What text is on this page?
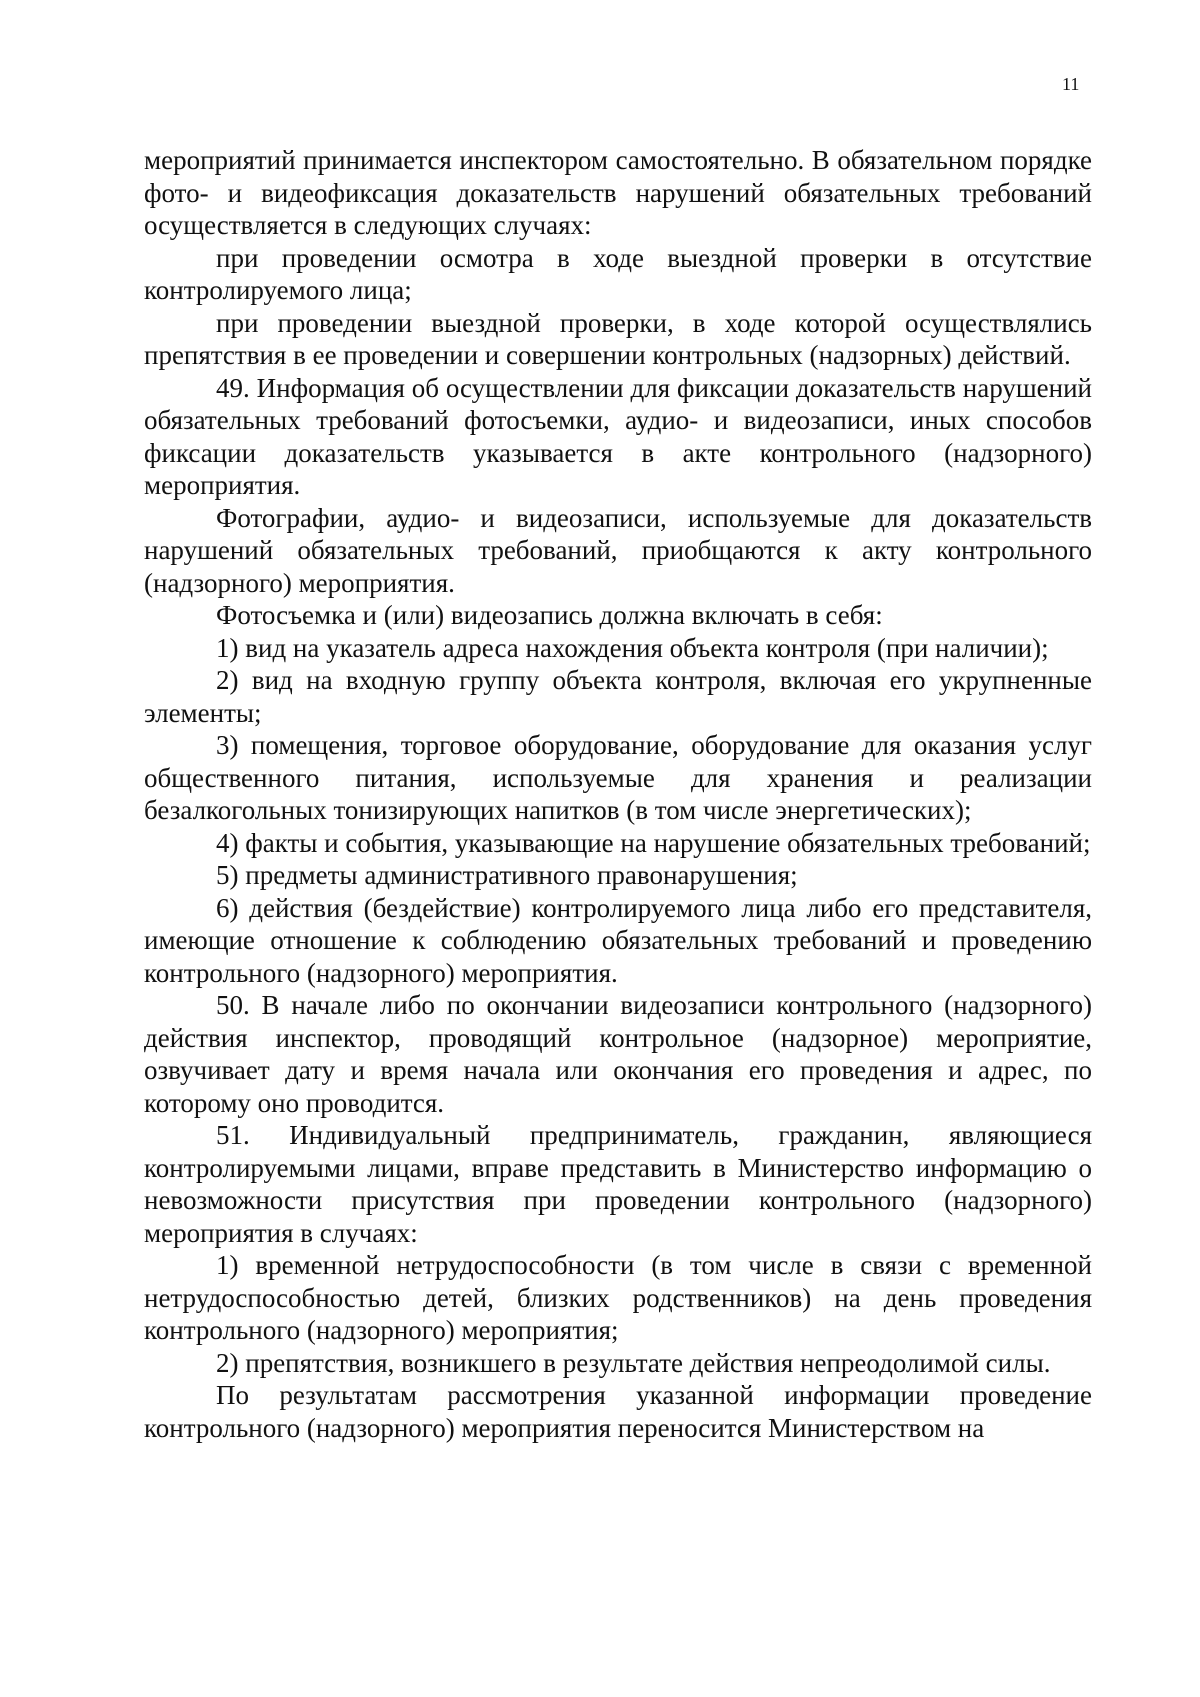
11

мероприятий принимается инспектором самостоятельно. В обязательном порядке фото- и видеофиксация доказательств нарушений обязательных требований осуществляется в следующих случаях:

при проведении осмотра в ходе выездной проверки в отсутствие контролируемого лица;

при проведении выездной проверки, в ходе которой осуществлялись препятствия в ее проведении и совершении контрольных (надзорных) действий.

49. Информация об осуществлении для фиксации доказательств нарушений обязательных требований фотосъемки, аудио- и видеозаписи, иных способов фиксации доказательств указывается в акте контрольного (надзорного) мероприятия.

Фотографии, аудио- и видеозаписи, используемые для доказательств нарушений обязательных требований, приобщаются к акту контрольного (надзорного) мероприятия.

Фотосъемка и (или) видеозапись должна включать в себя:

1) вид на указатель адреса нахождения объекта контроля (при наличии);

2) вид на входную группу объекта контроля, включая его укрупненные элементы;

3) помещения, торговое оборудование, оборудование для оказания услуг общественного питания, используемые для хранения и реализации безалкогольных тонизирующих напитков (в том числе энергетических);

4) факты и события, указывающие на нарушение обязательных требований;

5) предметы административного правонарушения;

6) действия (бездействие) контролируемого лица либо его представителя, имеющие отношение к соблюдению обязательных требований и проведению контрольного (надзорного) мероприятия.

50. В начале либо по окончании видеозаписи контрольного (надзорного) действия инспектор, проводящий контрольное (надзорное) мероприятие, озвучивает дату и время начала или окончания его проведения и адрес, по которому оно проводится.

51. Индивидуальный предприниматель, гражданин, являющиеся контролируемыми лицами, вправе представить в Министерство информацию о невозможности присутствия при проведении контрольного (надзорного) мероприятия в случаях:

1) временной нетрудоспособности (в том числе в связи с временной нетрудоспособностью детей, близких родственников) на день проведения контрольного (надзорного) мероприятия;

2) препятствия, возникшего в результате действия непреодолимой силы.

По результатам рассмотрения указанной информации проведение контрольного (надзорного) мероприятия переносится Министерством на
